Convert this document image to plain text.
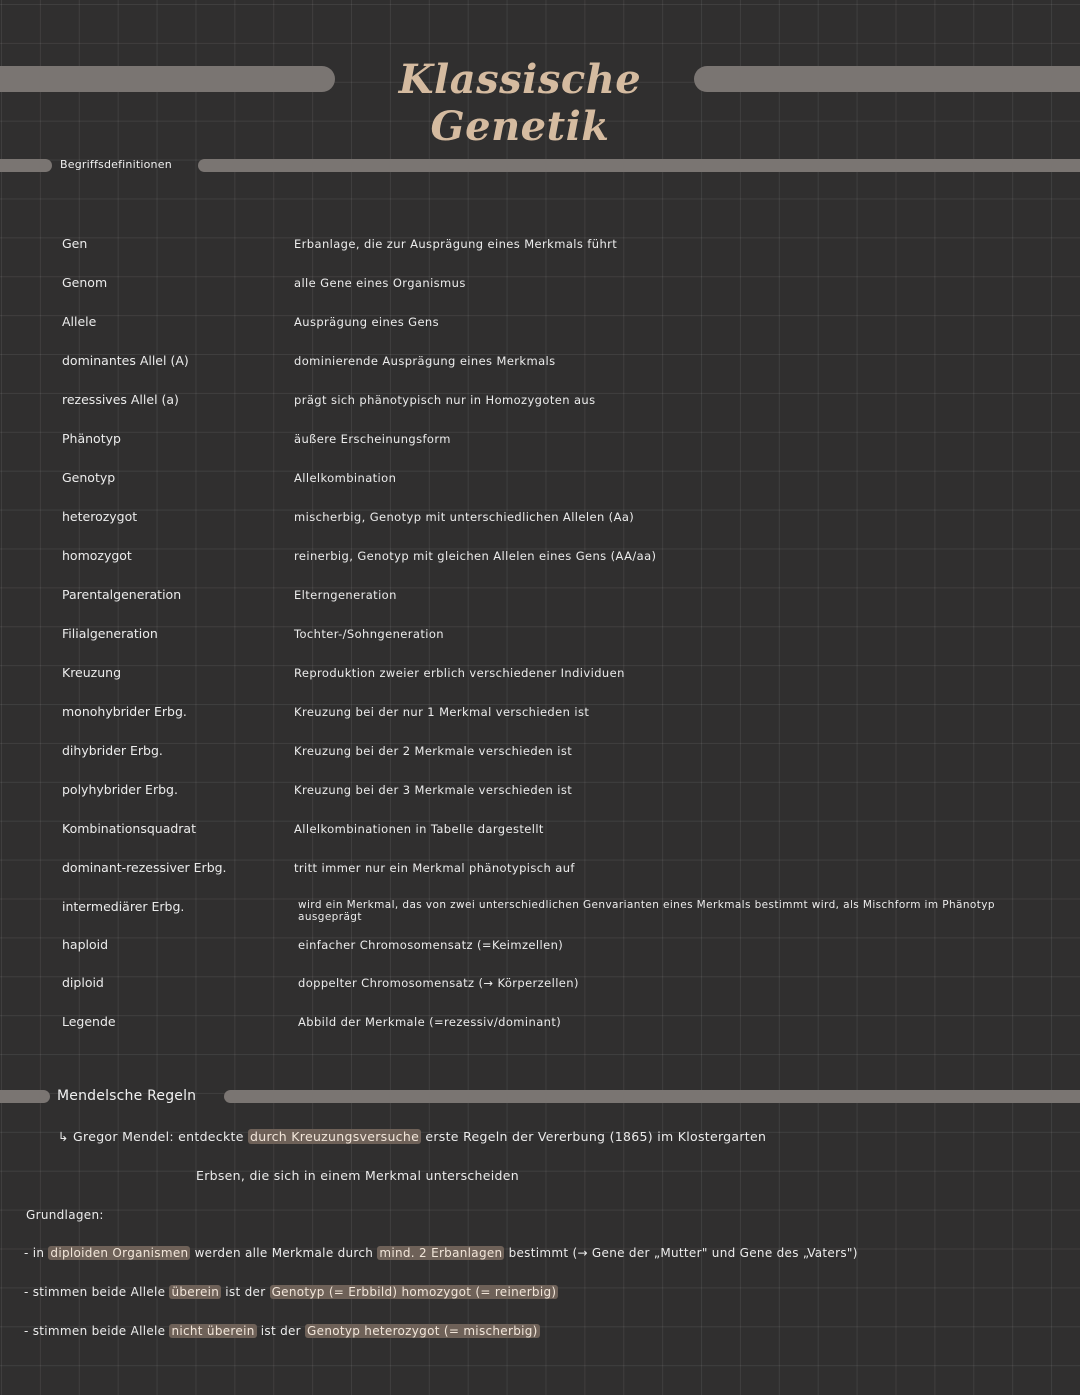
Klassische Genetik
Begriffsdefinitionen
Gen	Erbanlage, die zur Ausprägung eines Merkmals führt
Genom	alle Gene eines Organismus
Allele	Ausprägung eines Gens
dominantes Allel (A)	dominierende Ausprägung eines Merkmals
rezessives Allel (a)	prägt sich phänotypisch nur in Homozygoten aus
Phänotyp	äußere Erscheinungsform
Genotyp	Allelkombination
heterozygot	mischerbig, Genotyp mit unterschiedlichen Allelen (Aa)
homozygot	reinerbig, Genotyp mit gleichen Allelen eines Gens (AA/aa)
Parentalgeneration	Elterngeneration
Filialgeneration	Tochter-/Sohngeneration
Kreuzung	Reproduktion zweier erblich verschiedener Individuen
monohybrider Erbg.	Kreuzung bei der nur 1 Merkmal verschieden ist
dihybrider Erbg.	Kreuzung bei der 2 Merkmale verschieden ist
polyhybrider Erbg.	Kreuzung bei der 3 Merkmale verschieden ist
Kombinationsquadrat	Allelkombinationen in Tabelle dargestellt
dominant-rezessiver Erbg.	tritt immer nur ein Merkmal phänotypisch auf
intermediärer Erbg.	wird ein Merkmal, das von zwei unterschiedlichen Genvarianten eines Merkmals bestimmt wird, als Mischform im Phänotyp ausgeprägt
haploid	einfacher Chromosomensatz (=Keimzellen)
diploid	doppelter Chromosomensatz (→ Körperzellen)
Legende	Abbild der Merkmale (=rezessiv/dominant)
Mendelsche Regeln
↳ Gregor Mendel: entdeckte durch Kreuzungsversuche erste Regeln der Vererbung (1865) im Klostergarten
Erbsen, die sich in einem Merkmal unterscheiden
Grundlagen:
- in diploiden Organismen werden alle Merkmale durch mind. 2 Erbanlagen bestimmt (→ Gene der „Mutter" und Gene des „Vaters")
- stimmen beide Allele überein ist der Genotyp (= Erbbild) homozygot (= reinerbig)
- stimmen beide Allele nicht überein ist der Genotyp heterozygot (= mischerbig)
